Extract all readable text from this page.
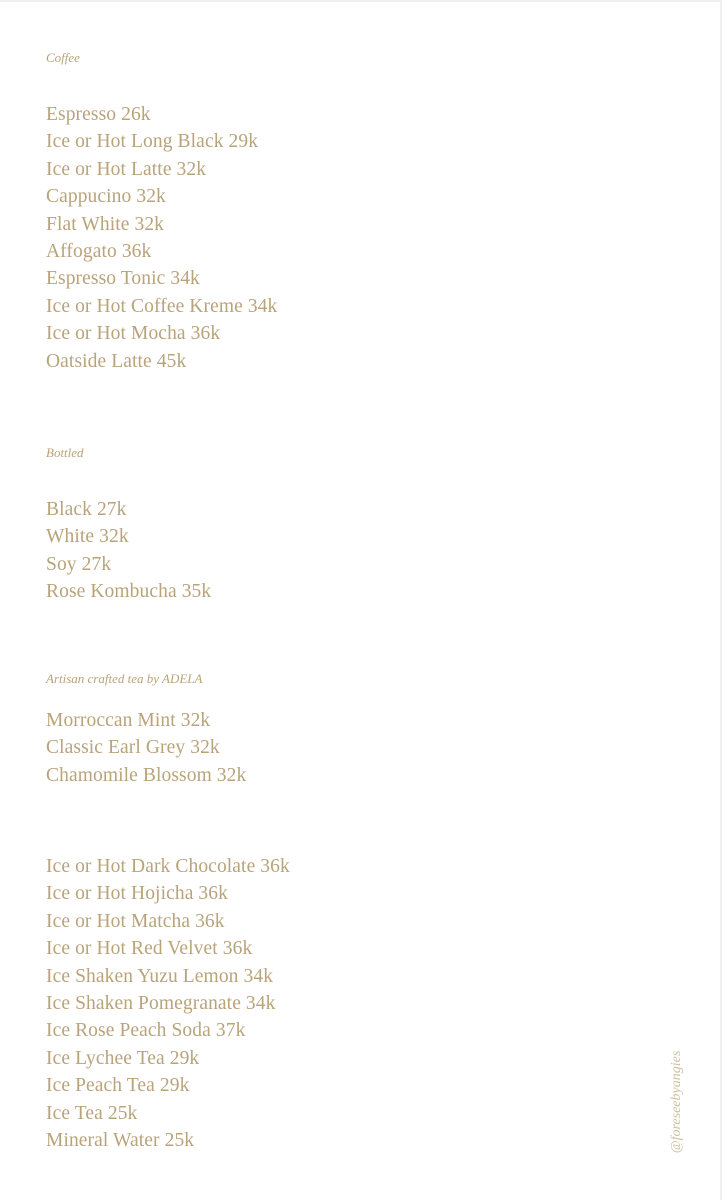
Coffee

Espresso 26k
Ice or Hot Long Black 29k
Ice or Hot Latte 32k
Cappucino 32k
Flat White 32k
Affogato 36k
Espresso Tonic 34k
Ice or Hot Coffee Kreme 34k
Ice or Hot Mocha 36k
Oatside Latte 45k

Bottled

Black 27k
White 32k
Soy 27k
Rose Kombucha 35k

Artisan crafted tea by ADELA

Morroccan Mint 32k
Classic Earl Grey 32k
Chamomile Blossom 32k
Ice or Hot Dark Chocolate 36k
Ice or Hot Hojicha 36k
Ice or Hot Matcha 36k
Ice or Hot Red Velvet 36k
Ice Shaken Yuzu Lemon 34k
Ice Shaken Pomegranate 34k
Ice Rose Peach Soda 37k
Ice Lychee Tea 29k
Ice Peach Tea 29k
Ice Tea 25k
Mineral Water 25k	@foreseebyangies
